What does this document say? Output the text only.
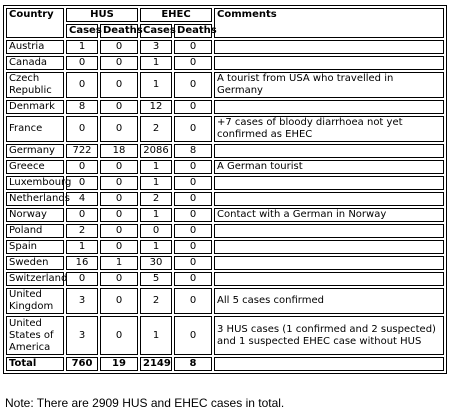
Country	HUS		EHEC		Comments
	Cases	Deaths	Cases	Deaths	
Austria	1	0	3	0	
Canada	0	0	1	0	
Czech Republic	0	0	1	0	A tourist from USA who travelled in Germany
Denmark	8	0	12	0	
France	0	0	2	0	+7 cases of bloody diarrhoea not yet confirmed as EHEC
Germany	722	18	2086	8	
Greece	0	0	1	0	A German tourist
Luxembourg	0	0	1	0	
Netherlands	4	0	2	0	
Norway	0	0	1	0	Contact with a German in Norway
Poland	2	0	0	0	
Spain	1	0	1	0	
Sweden	16	1	30	0	
Switzerland	0	0	5	0	
United Kingdom	3	0	2	0	All 5 cases confirmed
United States of America	3	0	1	0	3 HUS cases (1 confirmed and 2 suspected) and 1 suspected EHEC case without HUS
Total	760	19	2149	8	

Note: There are 2909 HUS and EHEC cases in total.
